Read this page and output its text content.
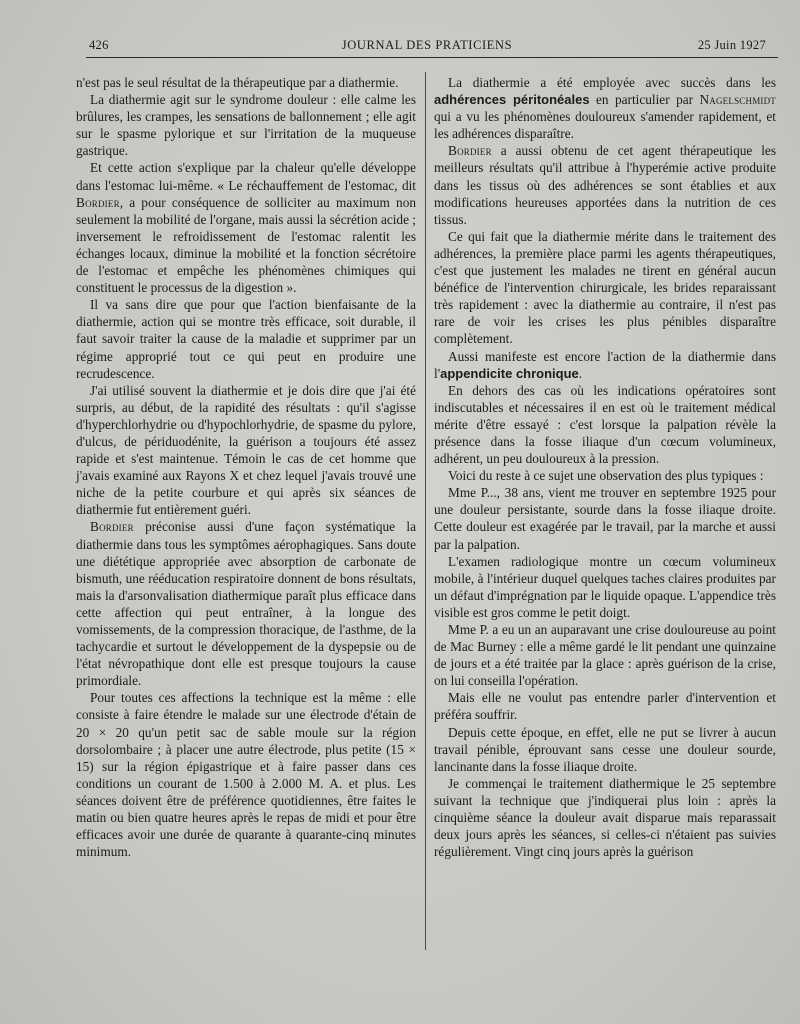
426	JOURNAL DES PRATICIENS	25 Juin 1927

n'est pas le seul résultat de la thérapeutique par a diathermie.

La diathermie agit sur le syndrome douleur : elle calme les brûlures, les crampes, les sensations de ballonnement ; elle agit sur le spasme pylorique et sur l'irritation de la muqueuse gastrique.

Et cette action s'explique par la chaleur qu'elle développe dans l'estomac lui-même. « Le réchauffement de l'estomac, dit Bordier, a pour conséquence de solliciter au maximum non seulement la mobilité de l'organe, mais aussi la sécrétion acide ; inversement le refroidissement de l'estomac ralentit les échanges locaux, diminue la mobilité et la fonction sécrétoire de l'estomac et empêche les phénomènes chimiques qui constituent le processus de la digestion ».

Il va sans dire que pour que l'action bienfaisante de la diathermie, action qui se montre très efficace, soit durable, il faut savoir traiter la cause de la maladie et supprimer par un régime approprié tout ce qui peut en produire une recrudescence.

J'ai utilisé souvent la diathermie et je dois dire que j'ai été surpris, au début, de la rapidité des résultats : qu'il s'agisse d'hyperchlorhydrie ou d'hypochlorhydrie, de spasme du pylore, d'ulcus, de périduodénite, la guérison a toujours été assez rapide et s'est maintenue. Témoin le cas de cet homme que j'avais examiné aux Rayons X et chez lequel j'avais trouvé une niche de la petite courbure et qui après six séances de diathermie fut entièrement guéri.

Bordier préconise aussi d'une façon systématique la diathermie dans tous les symptômes aérophagiques. Sans doute une diététique appropriée avec absorption de carbonate de bismuth, une rééducation respiratoire donnent de bons résultats, mais la d'arsonvalisation diathermique paraît plus efficace dans cette affection qui peut entraîner, à la longue des vomissements, de la compression thoracique, de l'asthme, de la tachycardie et surtout le développement de la dyspepsie ou de l'état névropathique dont elle est presque toujours la cause primordiale.

Pour toutes ces affections la technique est la même : elle consiste à faire étendre le malade sur une électrode d'étain de 20 × 20 qu'un petit sac de sable moule sur la région dorsolombaire ; à placer une autre électrode, plus petite (15 × 15) sur la région épigastrique et à faire passer dans ces conditions un courant de 1.500 à 2.000 M. A. et plus. Les séances doivent être de préférence quotidiennes, être faites le matin ou bien quatre heures après le repas de midi et pour être efficaces avoir une durée de quarante à quarante-cinq minutes minimum.

La diathermie a été employée avec succès dans les adhérences péritonéales en particulier par Nagelschmidt qui a vu les phénomènes douloureux s'amender rapidement, et les adhérences disparaître.

Bordier a aussi obtenu de cet agent thérapeutique les meilleurs résultats qu'il attribue à l'hyperémie active produite dans les tissus où des adhérences se sont établies et aux modifications heureuses apportées dans la nutrition de ces tissus.

Ce qui fait que la diathermie mérite dans le traitement des adhérences, la première place parmi les agents thérapeutiques, c'est que justement les malades ne tirent en général aucun bénéfice de l'intervention chirurgicale, les brides reparaissant très rapidement : avec la diathermie au contraire, il n'est pas rare de voir les crises les plus pénibles disparaître complètement.

Aussi manifeste est encore l'action de la diathermie dans l'appendicite chronique.

En dehors des cas où les indications opératoires sont indiscutables et nécessaires il en est où le traitement médical mérite d'être essayé : c'est lorsque la palpation révèle la présence dans la fosse iliaque d'un cœcum volumineux, adhérent, un peu douloureux à la pression.

Voici du reste à ce sujet une observation des plus typiques :

Mme P..., 38 ans, vient me trouver en septembre 1925 pour une douleur persistante, sourde dans la fosse iliaque droite. Cette douleur est exagérée par le travail, par la marche et aussi par la palpation.

L'examen radiologique montre un cœcum volumineux mobile, à l'intérieur duquel quelques taches claires produites par un défaut d'imprégnation par le liquide opaque. L'appendice très visible est gros comme le petit doigt.

Mme P. a eu un an auparavant une crise douloureuse au point de Mac Burney : elle a même gardé le lit pendant une quinzaine de jours et a été traitée par la glace : après guérison de la crise, on lui conseilla l'opération.

Mais elle ne voulut pas entendre parler d'intervention et préféra souffrir.

Depuis cette époque, en effet, elle ne put se livrer à aucun travail pénible, éprouvant sans cesse une douleur sourde, lancinante dans la fosse iliaque droite.

Je commençai le traitement diathermique le 25 septembre suivant la technique que j'indiquerai plus loin : après la cinquième séance la douleur avait disparue mais reparassait deux jours après les séances, si celles-ci n'étaient pas suivies régulièrement. Vingt cinq jours après la guérison
